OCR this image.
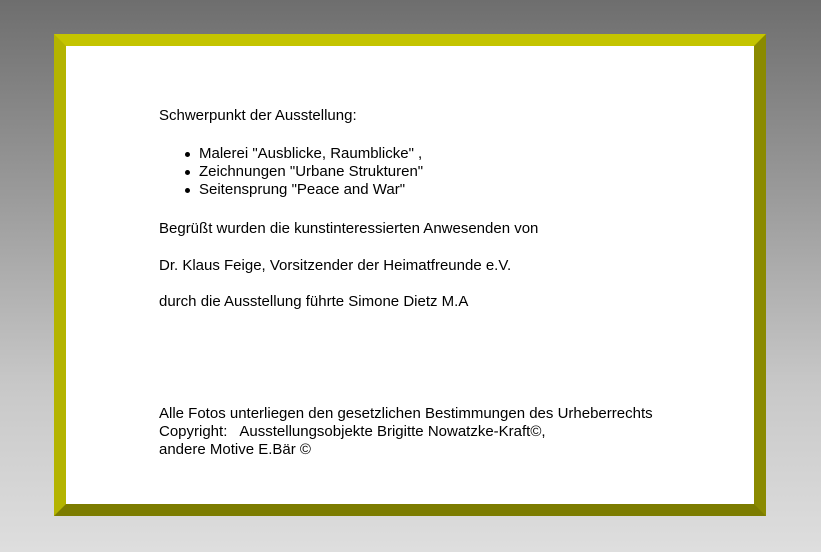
Schwerpunkt der Ausstellung:
Malerei "Ausblicke, Raumblicke" ,
Zeichnungen "Urbane Strukturen"
Seitensprung "Peace and War"
Begrüßt wurden die kunstinteressierten Anwesenden von
Dr. Klaus Feige, Vorsitzender der Heimatfreunde e.V.
durch die Ausstellung führte Simone Dietz M.A
Alle Fotos unterliegen den gesetzlichen Bestimmungen des Urheberrechts
Copyright: Ausstellungsobjekte Brigitte Nowatzke-Kraft©,
andere Motive E.Bär ©
